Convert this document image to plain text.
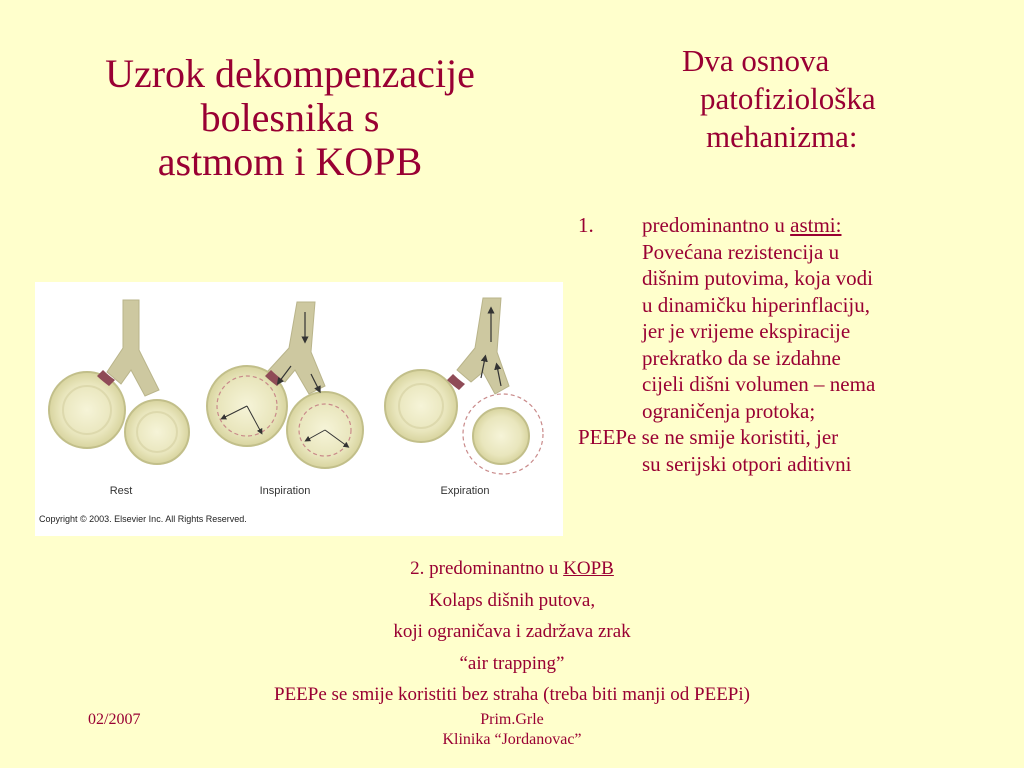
Uzrok dekompenzacije
bolesnika s
astmom i KOPB
Dva osnova
patofiziološka
mehanizma:
1.	predominantno u astmi:
Povećana rezistencija u
dišnim putovima, koja vodi
u dinamičku hiperinflaciju,
jer je vrijeme ekspiracije
prekratko da se izdahne
cijeli dišni volumen – nema
ograničenja protoka;
PEEPe se ne smije koristiti, jer
su serijski otpori aditivni
Rest	Inspiration	Expiration
Copyright © 2003. Elsevier Inc. All Rights Reserved.
2. predominantno u KOPB
Kolaps dišnih putova,
koji ograničava i zadržava zrak
“air trapping”
PEEPe se smije koristiti bez straha (treba biti manji od PEEPi)
02/2007	Prim.Grle
Klinika “Jordanovac”
